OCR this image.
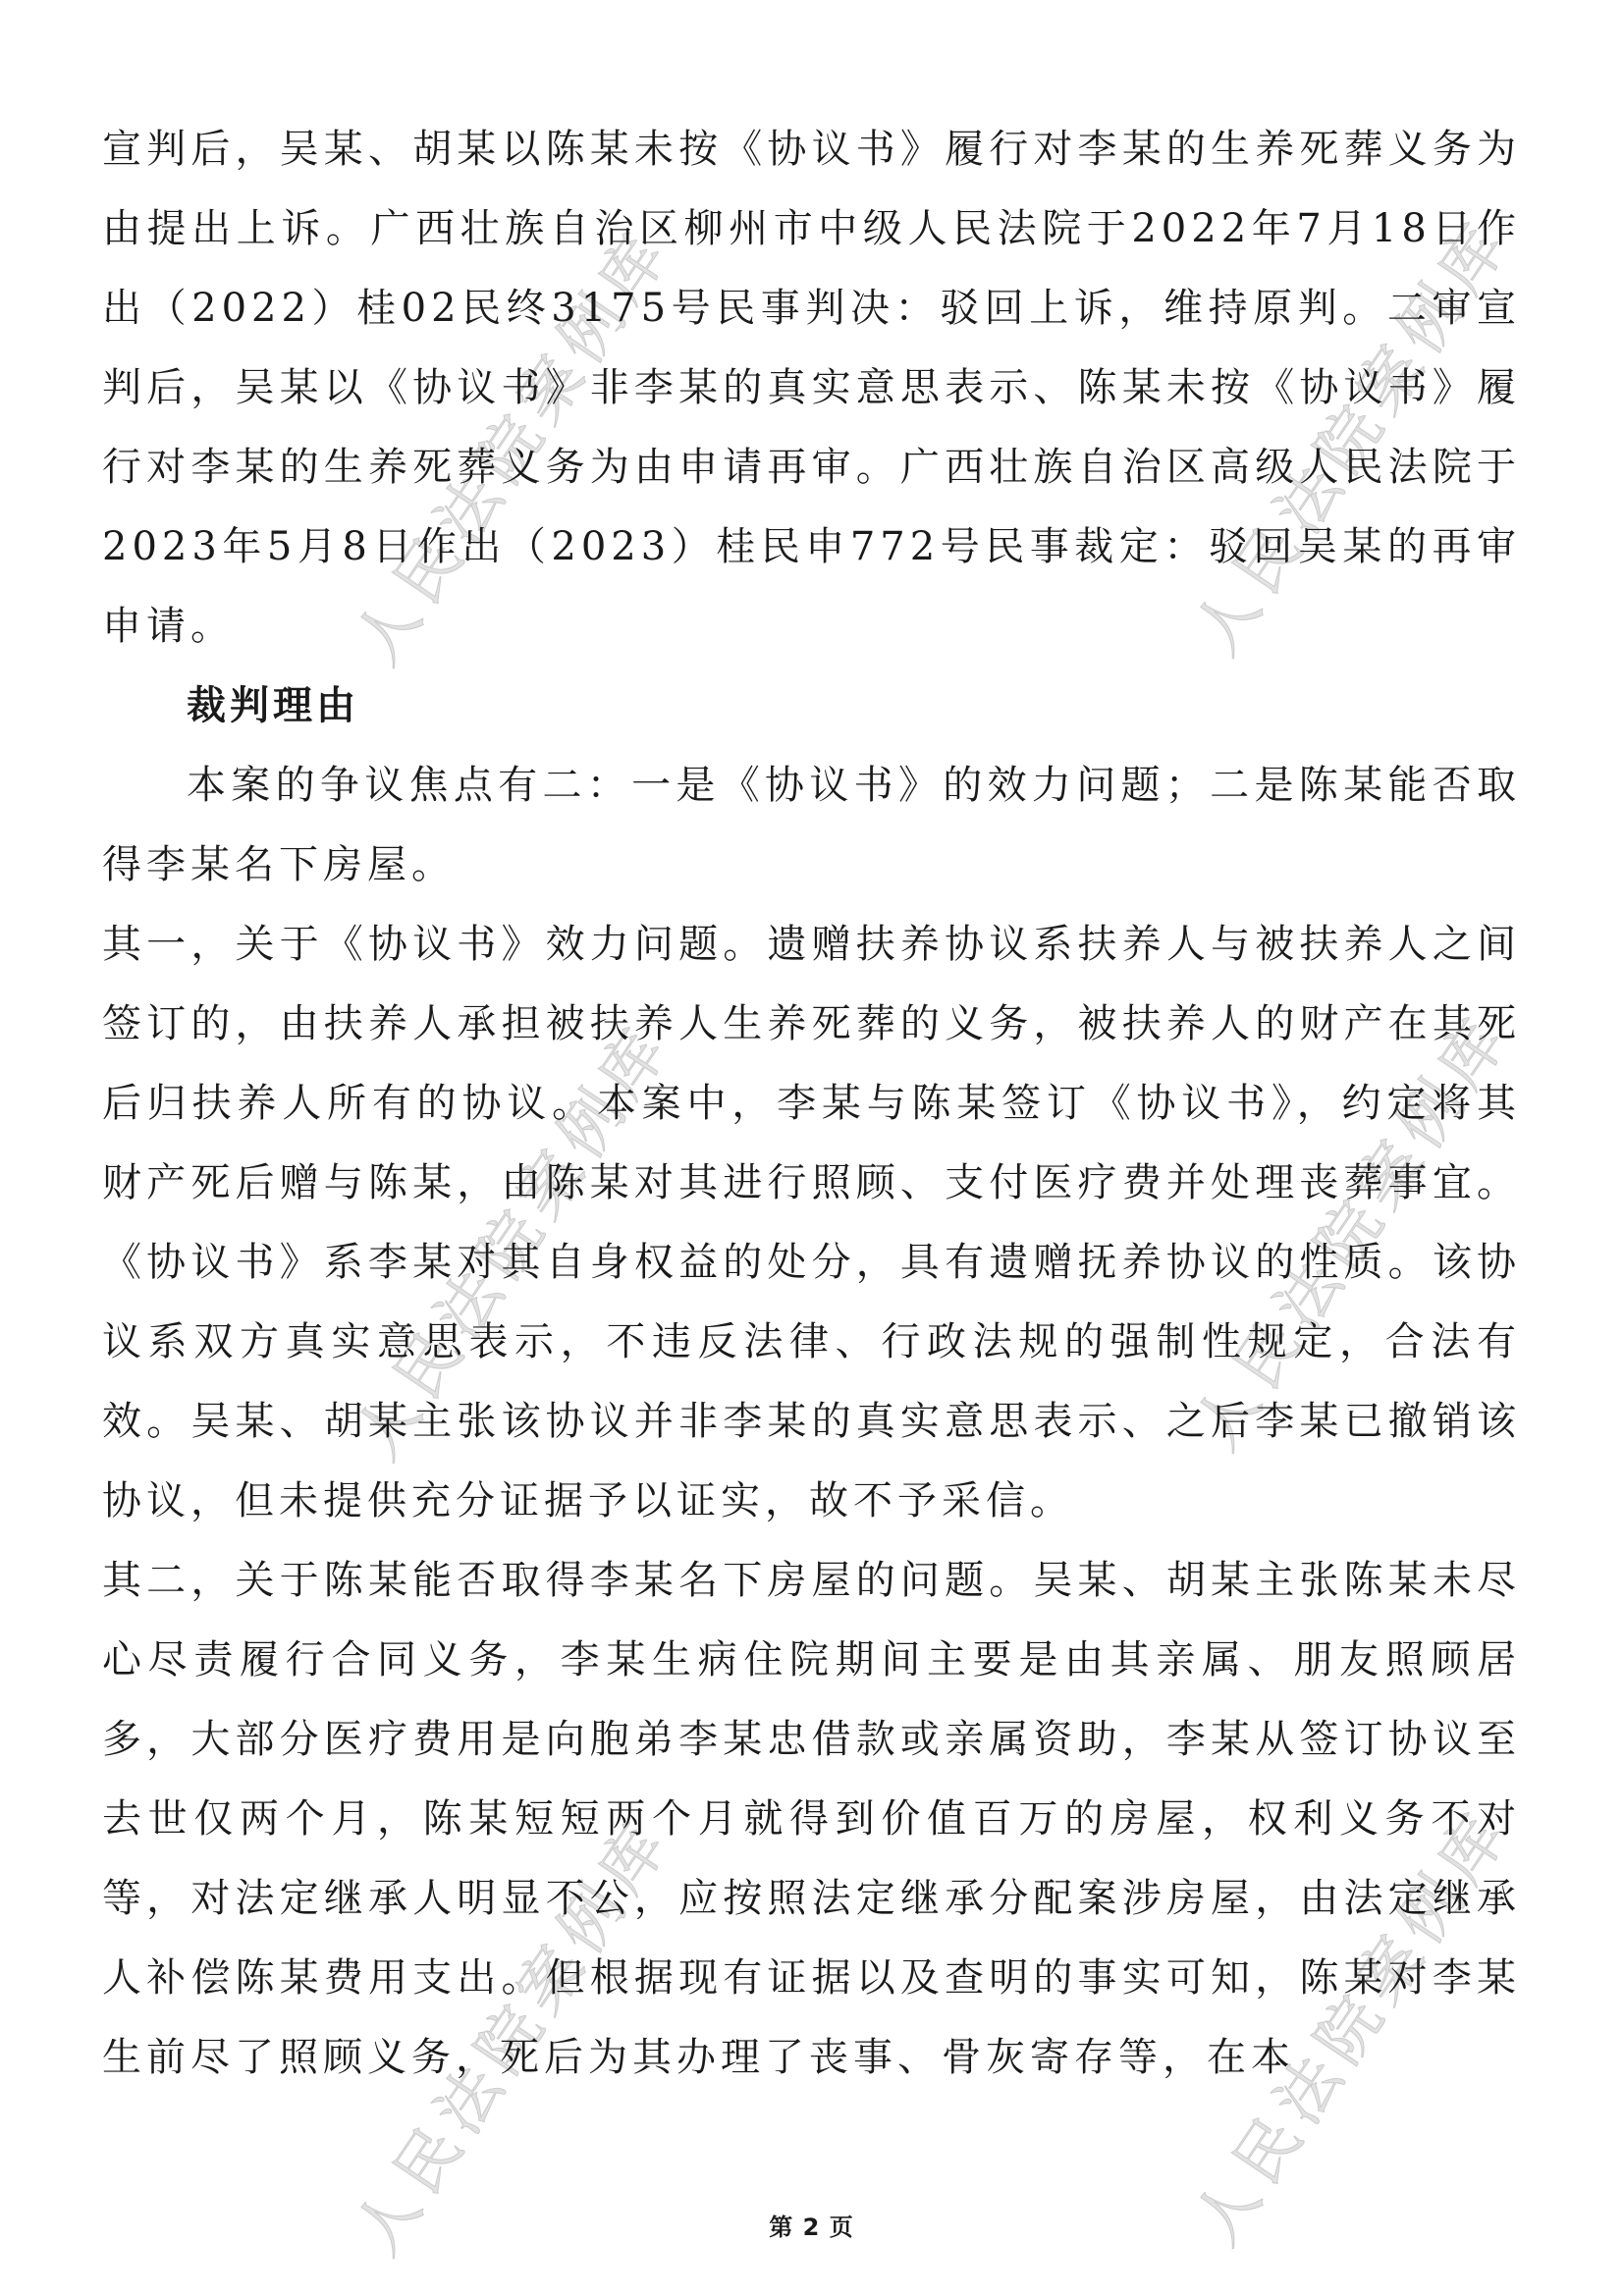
人民法院案例库	人民法院案例库
人民法院案例库	人民法院案例库
人民法院案例库	人民法院案例库

宣判后，吴某、胡某以陈某未按《协议书》履行对李某的生养死葬义务为由提出上诉。广西壮族自治区柳州市中级人民法院于2022年7月18日作出（2022）桂02民终3175号民事判决：驳回上诉，维持原判。二审宣判后，吴某以《协议书》非李某的真实意思表示、陈某未按《协议书》履行对李某的生养死葬义务为由申请再审。广西壮族自治区高级人民法院于2023年5月8日作出（2023）桂民申772号民事裁定：驳回吴某的再审申请。

裁判理由

本案的争议焦点有二：一是《协议书》的效力问题；二是陈某能否取得李某名下房屋。

其一，关于《协议书》效力问题。遗赠扶养协议系扶养人与被扶养人之间签订的，由扶养人承担被扶养人生养死葬的义务，被扶养人的财产在其死后归扶养人所有的协议。本案中，李某与陈某签订《协议书》，约定将其财产死后赠与陈某，由陈某对其进行照顾、支付医疗费并处理丧葬事宜。《协议书》系李某对其自身权益的处分，具有遗赠抚养协议的性质。该协议系双方真实意思表示，不违反法律、行政法规的强制性规定，合法有效。吴某、胡某主张该协议并非李某的真实意思表示、之后李某已撤销该协议，但未提供充分证据予以证实，故不予采信。

其二，关于陈某能否取得李某名下房屋的问题。吴某、胡某主张陈某未尽心尽责履行合同义务，李某生病住院期间主要是由其亲属、朋友照顾居多，大部分医疗费用是向胞弟李某忠借款或亲属资助，李某从签订协议至去世仅两个月，陈某短短两个月就得到价值百万的房屋，权利义务不对等，对法定继承人明显不公，应按照法定继承分配案涉房屋，由法定继承人补偿陈某费用支出。但根据现有证据以及查明的事实可知，陈某对李某生前尽了照顾义务，死后为其办理了丧事、骨灰寄存等，在本

第 2 页
